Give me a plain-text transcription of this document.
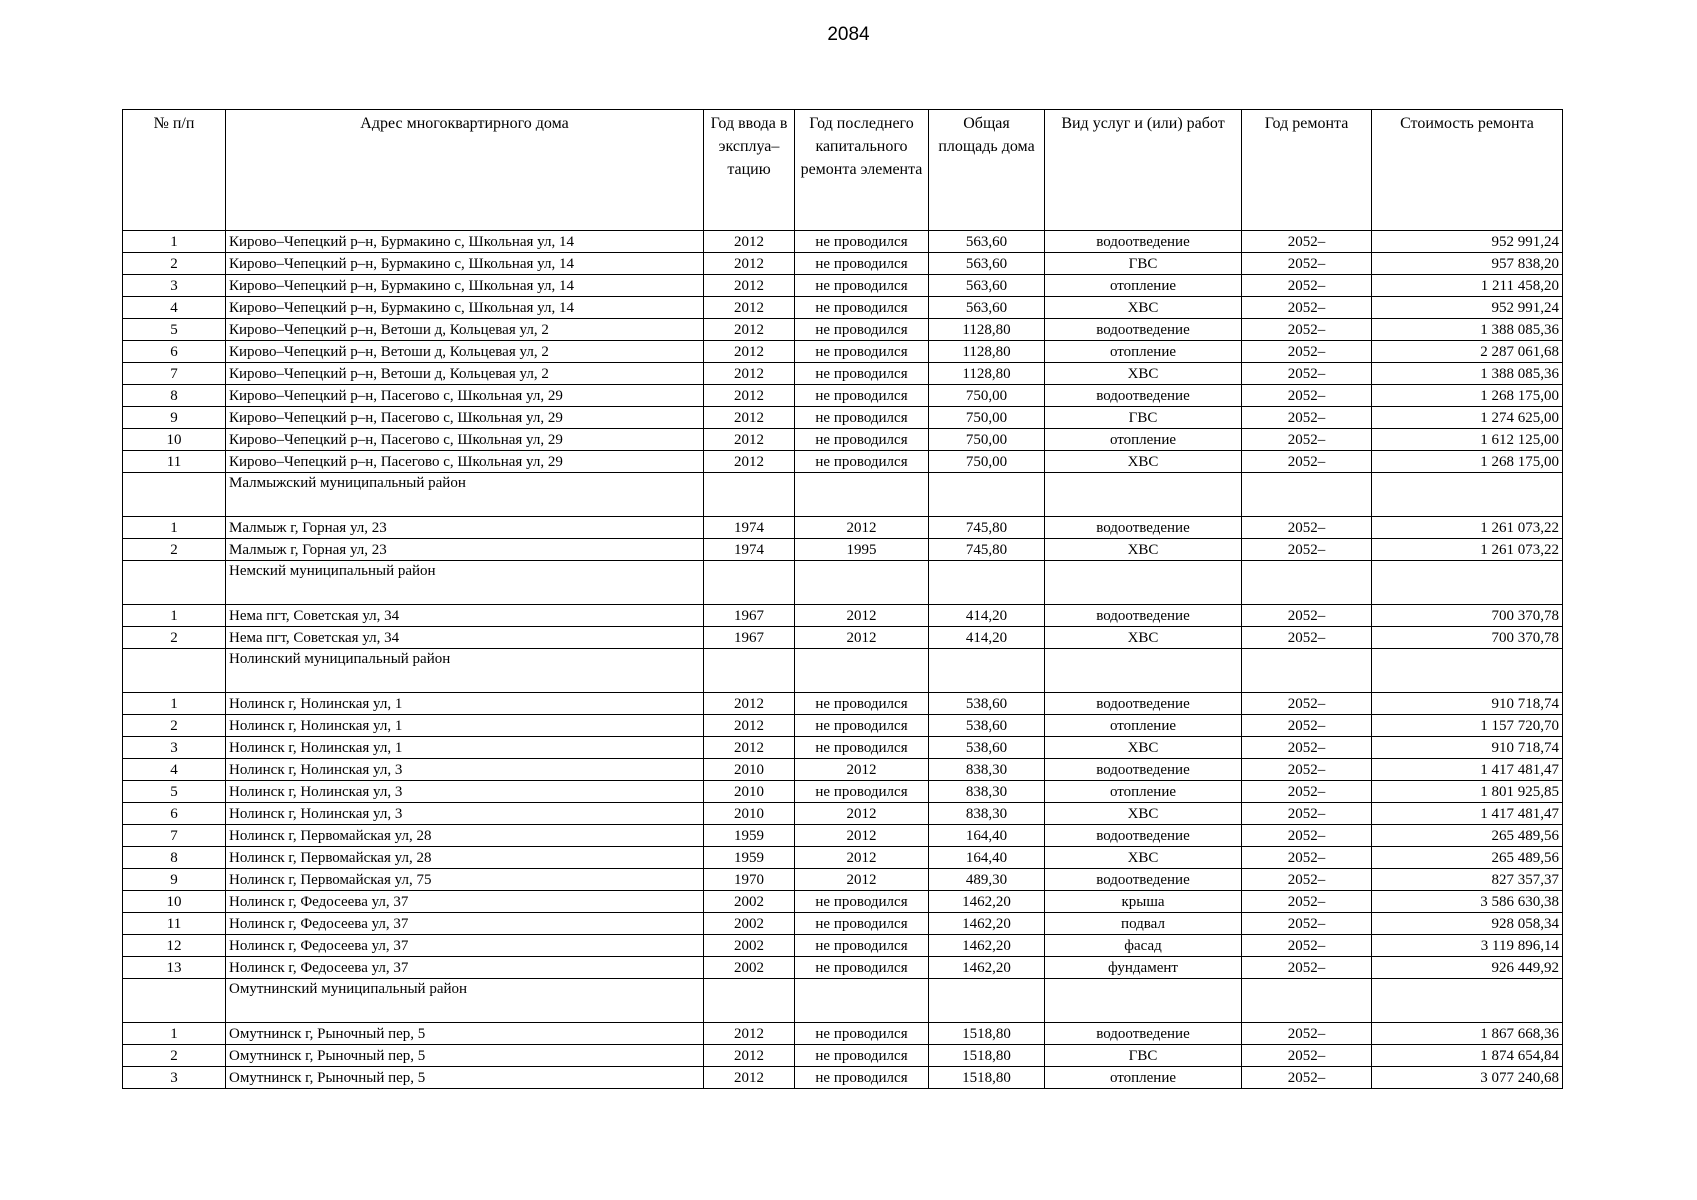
2084
№ п/п	Адрес многоквартирного дома	Год ввода в эксплуа– тацию	Год последнего капитального ремонта элемента	Общая площадь дома	Вид услуг и (или) работ	Год ремонта	Стоимость ремонта
1	Кирово–Чепецкий р–н, Бурмакино с, Школьная ул, 14	2012	не проводился	563,60	водоотведение	2052–	952 991,24
2	Кирово–Чепецкий р–н, Бурмакино с, Школьная ул, 14	2012	не проводился	563,60	ГВС	2052–	957 838,20
3	Кирово–Чепецкий р–н, Бурмакино с, Школьная ул, 14	2012	не проводился	563,60	отопление	2052–	1 211 458,20
4	Кирово–Чепецкий р–н, Бурмакино с, Школьная ул, 14	2012	не проводился	563,60	ХВС	2052–	952 991,24
5	Кирово–Чепецкий р–н, Ветоши д, Кольцевая ул, 2	2012	не проводился	1128,80	водоотведение	2052–	1 388 085,36
6	Кирово–Чепецкий р–н, Ветоши д, Кольцевая ул, 2	2012	не проводился	1128,80	отопление	2052–	2 287 061,68
7	Кирово–Чепецкий р–н, Ветоши д, Кольцевая ул, 2	2012	не проводился	1128,80	ХВС	2052–	1 388 085,36
8	Кирово–Чепецкий р–н, Пасегово с, Школьная ул, 29	2012	не проводился	750,00	водоотведение	2052–	1 268 175,00
9	Кирово–Чепецкий р–н, Пасегово с, Школьная ул, 29	2012	не проводился	750,00	ГВС	2052–	1 274 625,00
10	Кирово–Чепецкий р–н, Пасегово с, Школьная ул, 29	2012	не проводился	750,00	отопление	2052–	1 612 125,00
11	Кирово–Чепецкий р–н, Пасегово с, Школьная ул, 29	2012	не проводился	750,00	ХВС	2052–	1 268 175,00
	Малмыжский муниципальный район						
1	Малмыж г, Горная ул, 23	1974	2012	745,80	водоотведение	2052–	1 261 073,22
2	Малмыж г, Горная ул, 23	1974	1995	745,80	ХВС	2052–	1 261 073,22
	Немский муниципальный район						
1	Нема пгт, Советская ул, 34	1967	2012	414,20	водоотведение	2052–	700 370,78
2	Нема пгт, Советская ул, 34	1967	2012	414,20	ХВС	2052–	700 370,78
	Нолинский муниципальный район						
1	Нолинск г, Нолинская ул, 1	2012	не проводился	538,60	водоотведение	2052–	910 718,74
2	Нолинск г, Нолинская ул, 1	2012	не проводился	538,60	отопление	2052–	1 157 720,70
3	Нолинск г, Нолинская ул, 1	2012	не проводился	538,60	ХВС	2052–	910 718,74
4	Нолинск г, Нолинская ул, 3	2010	2012	838,30	водоотведение	2052–	1 417 481,47
5	Нолинск г, Нолинская ул, 3	2010	не проводился	838,30	отопление	2052–	1 801 925,85
6	Нолинск г, Нолинская ул, 3	2010	2012	838,30	ХВС	2052–	1 417 481,47
7	Нолинск г, Первомайская ул, 28	1959	2012	164,40	водоотведение	2052–	265 489,56
8	Нолинск г, Первомайская ул, 28	1959	2012	164,40	ХВС	2052–	265 489,56
9	Нолинск г, Первомайская ул, 75	1970	2012	489,30	водоотведение	2052–	827 357,37
10	Нолинск г, Федосеева ул, 37	2002	не проводился	1462,20	крыша	2052–	3 586 630,38
11	Нолинск г, Федосеева ул, 37	2002	не проводился	1462,20	подвал	2052–	928 058,34
12	Нолинск г, Федосеева ул, 37	2002	не проводился	1462,20	фасад	2052–	3 119 896,14
13	Нолинск г, Федосеева ул, 37	2002	не проводился	1462,20	фундамент	2052–	926 449,92
	Омутнинский муниципальный район						
1	Омутнинск г, Рыночный пер, 5	2012	не проводился	1518,80	водоотведение	2052–	1 867 668,36
2	Омутнинск г, Рыночный пер, 5	2012	не проводился	1518,80	ГВС	2052–	1 874 654,84
3	Омутнинск г, Рыночный пер, 5	2012	не проводился	1518,80	отопление	2052–	3 077 240,68
